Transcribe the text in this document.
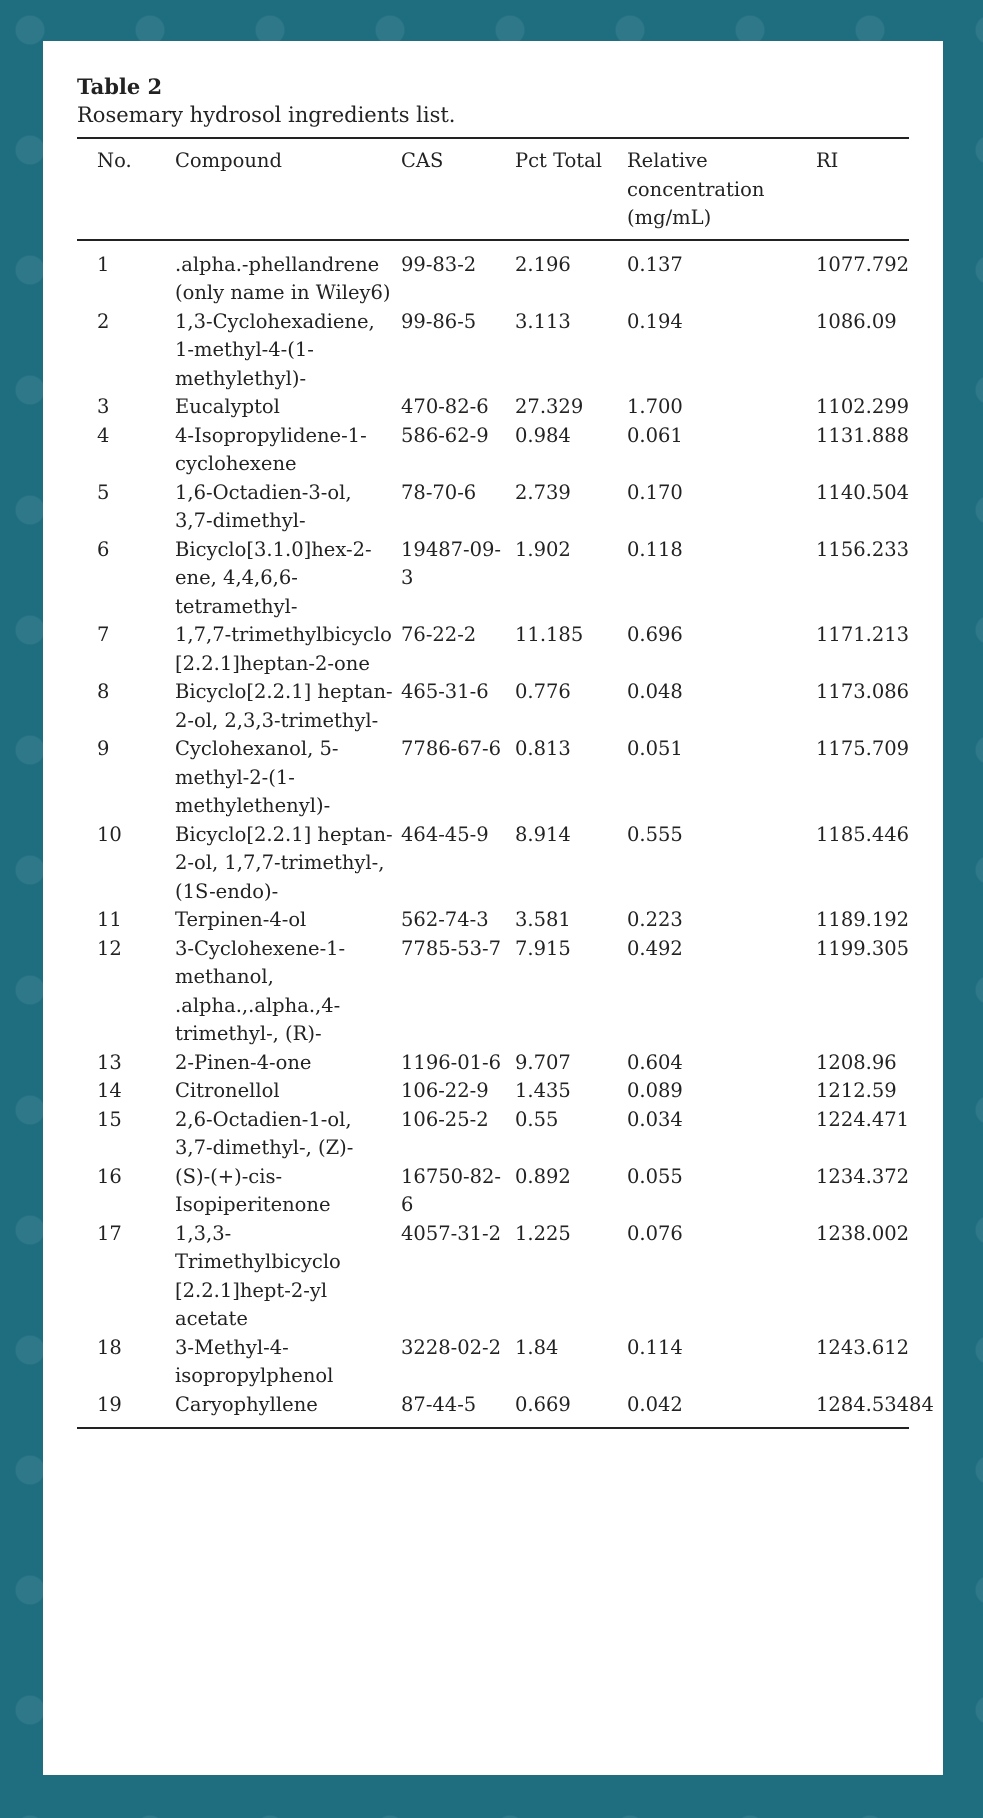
Table 2

Rosemary hydrosol ingredients list.

No.	Compound	CAS	Pct Total	Relative concentration (mg/mL)	RI
1	.alpha.-phellandrene (only name in Wiley6)	99-83-2	2.196	0.137	1077.792
2	1,3-Cyclohexadiene, 1-methyl-4-(1-methylethyl)-	99-86-5	3.113	0.194	1086.09
3	Eucalyptol	470-82-6	27.329	1.700	1102.299
4	4-Isopropylidene-1-cyclohexene	586-62-9	0.984	0.061	1131.888
5	1,6-Octadien-3-ol, 3,7-dimethyl-	78-70-6	2.739	0.170	1140.504
6	Bicyclo[3.1.0]hex-2-ene, 4,4,6,6-tetramethyl-	19487-09-3	1.902	0.118	1156.233
7	1,7,7-trimethylbicyclo [2.2.1]heptan-2-one	76-22-2	11.185	0.696	1171.213
8	Bicyclo[2.2.1] heptan-2-ol, 2,3,3-trimethyl-	465-31-6	0.776	0.048	1173.086
9	Cyclohexanol, 5-methyl-2-(1-methylethenyl)-	7786-67-6	0.813	0.051	1175.709
10	Bicyclo[2.2.1] heptan-2-ol, 1,7,7-trimethyl-, (1S-endo)-	464-45-9	8.914	0.555	1185.446
11	Terpinen-4-ol	562-74-3	3.581	0.223	1189.192
12	3-Cyclohexene-1-methanol, .alpha.,.alpha.,4-trimethyl-, (R)-	7785-53-7	7.915	0.492	1199.305
13	2-Pinen-4-one	1196-01-6	9.707	0.604	1208.96
14	Citronellol	106-22-9	1.435	0.089	1212.59
15	2,6-Octadien-1-ol, 3,7-dimethyl-, (Z)-	106-25-2	0.55	0.034	1224.471
16	(S)-(+)-cis-Isopiperitenone	16750-82-6	0.892	0.055	1234.372
17	1,3,3-Trimethylbicyclo [2.2.1]hept-2-yl acetate	4057-31-2	1.225	0.076	1238.002
18	3-Methyl-4-isopropylphenol	3228-02-2	1.84	0.114	1243.612
19	Caryophyllene	87-44-5	0.669	0.042	1284.53484
